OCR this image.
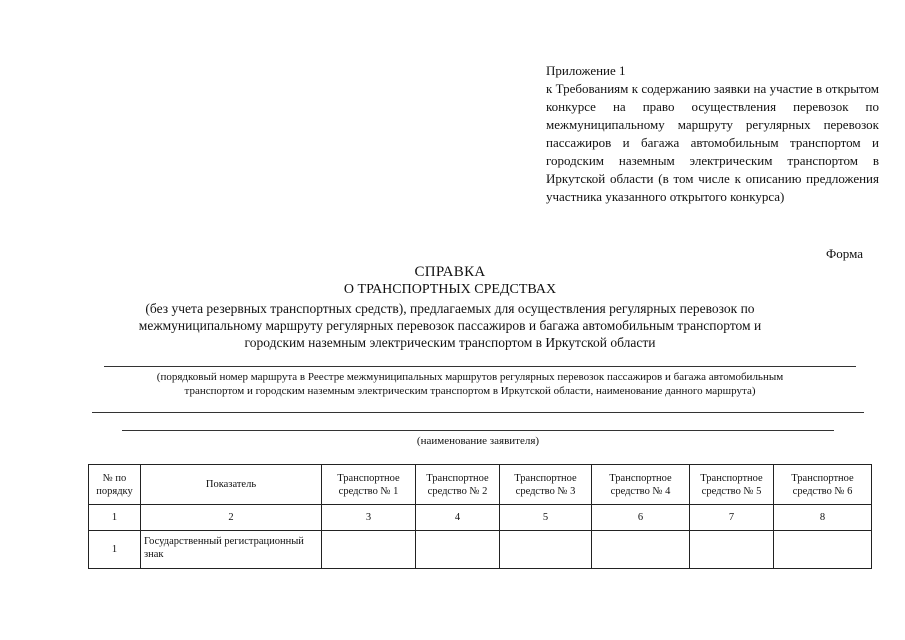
Приложение 1
к Требованиям к содержанию заявки на участие в открытом конкурсе на право осуществления перевозок по межмуниципальному маршруту регулярных перевозок пассажиров и багажа автомобильным транспортом и городским наземным электрическим транспортом в Иркутской области (в том числе к описанию предложения участника указанного открытого конкурса)
Форма
СПРАВКА
О ТРАНСПОРТНЫХ СРЕДСТВАХ
(без учета резервных транспортных средств), предлагаемых для осуществления регулярных перевозок по
межмуниципальному маршруту регулярных перевозок пассажиров и багажа автомобильным транспортом и
городским наземным электрическим транспортом в Иркутской области
(порядковый номер маршрута в Реестре межмуниципальных маршрутов регулярных перевозок пассажиров и багажа автомобильным
транспортом и городским наземным электрическим транспортом в Иркутской области, наименование данного маршрута)
(наименование заявителя)
№ по порядку	Показатель	Транспортное средство № 1	Транспортное средство № 2	Транспортное средство № 3	Транспортное средство № 4	Транспортное средство № 5	Транспортное средство № 6
1	2	3	4	5	6	7	8
1	Государственный регистрационный знак						
